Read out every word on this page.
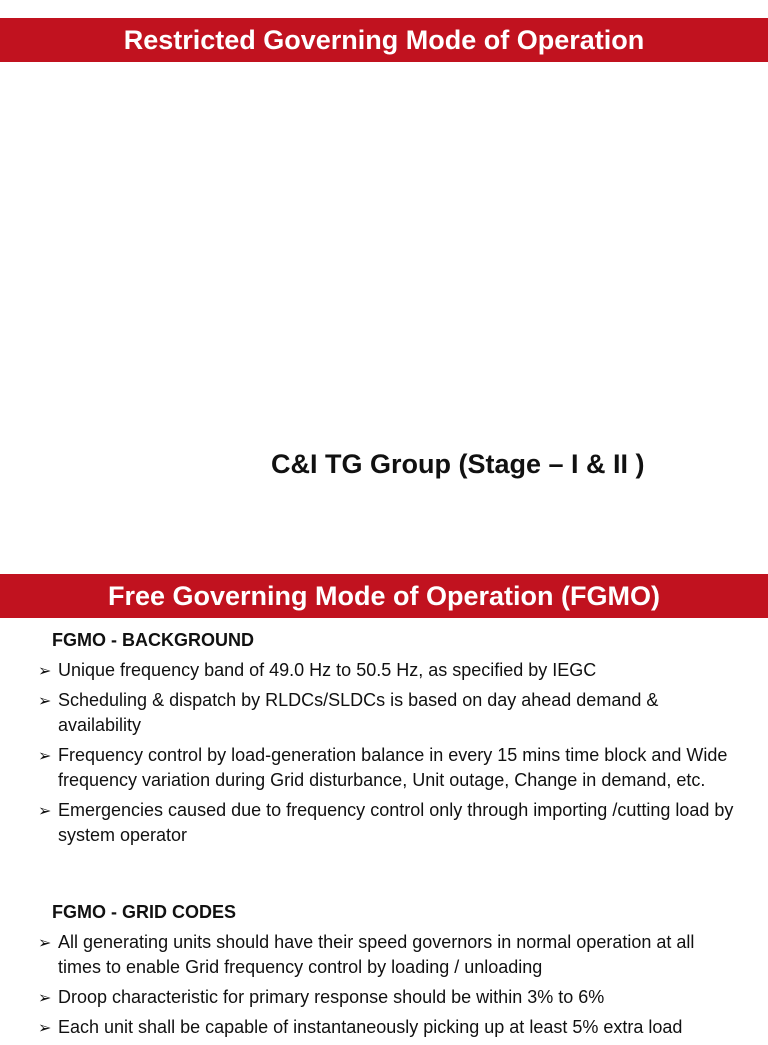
Restricted Governing Mode of Operation
C&I TG Group (Stage – I & II )
Free Governing Mode of Operation (FGMO)
FGMO - BACKGROUND
➢ Unique frequency band of 49.0 Hz to 50.5 Hz, as specified by IEGC
➢ Scheduling & dispatch by RLDCs/SLDCs is based on day ahead demand & availability
➢ Frequency control by load-generation balance in every 15 mins time block and Wide frequency variation during Grid disturbance, Unit outage, Change in demand, etc.
➢ Emergencies caused due to frequency control only through importing /cutting load by system operator
FGMO - GRID CODES
➢ All generating units should have their speed governors in normal operation at all times to enable Grid frequency control by loading / unloading
➢ Droop characteristic for primary response should be within 3% to 6%
➢ Each unit shall be capable of instantaneously picking up at least 5% extra load
